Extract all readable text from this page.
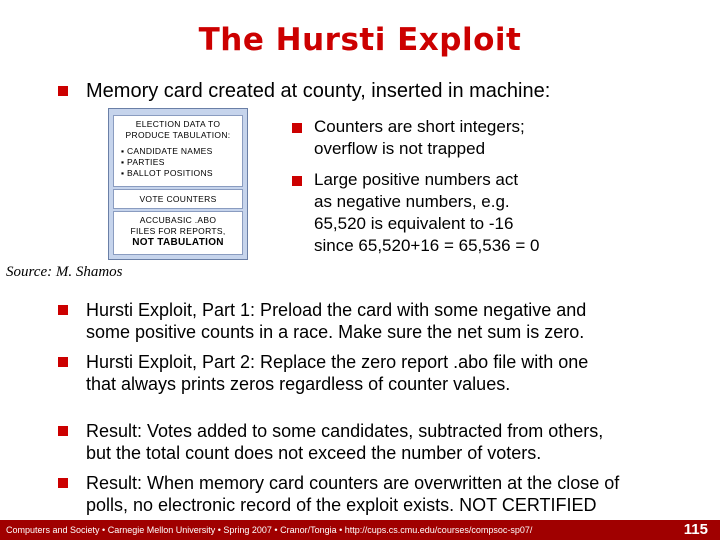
The Hursti Exploit
Memory card created at county, inserted in machine:
ELECTION DATA TO
PRODUCE TABULATION:
▪ CANDIDATE NAMES
▪ PARTIES
▪ BALLOT POSITIONS
VOTE COUNTERS
ACCUBASIC .ABO
FILES FOR REPORTS,
NOT TABULATION
Counters are short integers;
overflow is not trapped
Large positive numbers act
as negative numbers, e.g.
65,520 is equivalent to -16
since 65,520+16 = 65,536 = 0
Source: M. Shamos
Hursti Exploit, Part 1: Preload the card with some negative and
some positive counts in a race. Make sure the net sum is zero.
Hursti Exploit, Part 2: Replace the zero report .abo file with one
that always prints zeros regardless of counter values.
Result: Votes added to some candidates, subtracted from others,
but the total count does not exceed the number of voters.
Result: When memory card counters are overwritten at the close of
polls, no electronic record of the exploit exists. NOT CERTIFIED
Computers and Society • Carnegie Mellon University • Spring 2007 • Cranor/Tongia • http://cups.cs.cmu.edu/courses/compsoc-sp07/	115
